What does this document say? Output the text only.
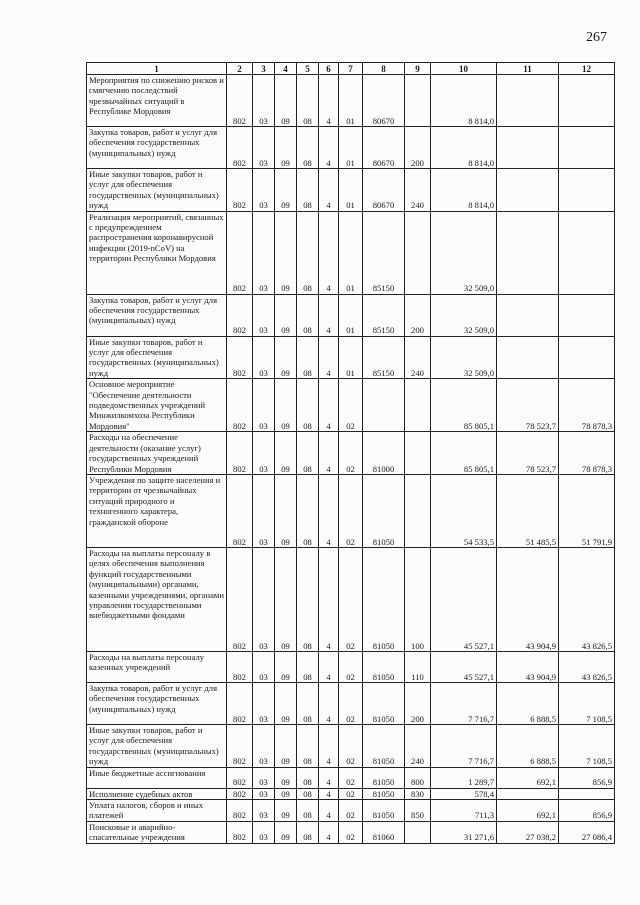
267
1	2	3	4	5	6	7	8	9	10	11	12
Мероприятия по снижению рисков и смягчению последствий чрезвычайных ситуаций в Республике Мордовия	802	03	09	08	4	01	80670		8 814,0		
Закупка товаров, работ и услуг для обеспечения государственных (муниципальных) нужд	802	03	09	08	4	01	80670	200	8 814,0		
Иные закупки товаров, работ и услуг для обеспечения государственных (муниципальных) нужд	802	03	09	08	4	01	80670	240	8 814,0		
Реализация мероприятий, связанных с предупреждением распространения коронавирусной инфекции (2019-nCoV) на территории Республики Мордовия	802	03	09	08	4	01	85150		32 509,0		
Закупка товаров, работ и услуг для обеспечения государственных (муниципальных) нужд	802	03	09	08	4	01	85150	200	32 509,0		
Иные закупки товаров, работ и услуг для обеспечения государственных (муниципальных) нужд	802	03	09	08	4	01	85150	240	32 509,0		
Основное мероприятие "Обеспечение деятельности подведомственных учреждений Минжилкомхоза Республики Мордовия"	802	03	09	08	4	02			85 805,1	78 523,7	78 878,3
Расходы на обеспечение деятельности (оказание услуг) государственных учреждений Республики Мордовия	802	03	09	08	4	02	81000		85 805,1	78 523,7	78 878,3
Учреждения по защите населения и территории от чрезвычайных ситуаций природного и техногенного характера, гражданской обороне	802	03	09	08	4	02	81050		54 533,5	51 485,5	51 791,9
Расходы на выплаты персоналу в целях обеспечения выполнения функций государственными (муниципальными) органами, казенными учреждениями, органами управления государственными внебюджетными фондами	802	03	09	08	4	02	81050	100	45 527,1	43 904,9	43 826,5
Расходы на выплаты персоналу казенных учреждений	802	03	09	08	4	02	81050	110	45 527,1	43 904,9	43 826,5
Закупка товаров, работ и услуг для обеспечения государственных (муниципальных) нужд	802	03	09	08	4	02	81050	200	7 716,7	6 888,5	7 108,5
Иные закупки товаров, работ и услуг для обеспечения государственных (муниципальных) нужд	802	03	09	08	4	02	81050	240	7 716,7	6 888,5	7 108,5
Иные бюджетные ассигнования	802	03	09	08	4	02	81050	800	1 289,7	692,1	856,9
Исполнение судебных актов	802	03	09	08	4	02	81050	830	578,4		
Уплата налогов, сборов и иных платежей	802	03	09	08	4	02	81050	850	711,3	692,1	856,9
Поисковые и аварийно-спасательные учреждения	802	03	09	08	4	02	81060		31 271,6	27 038,2	27 086,4
